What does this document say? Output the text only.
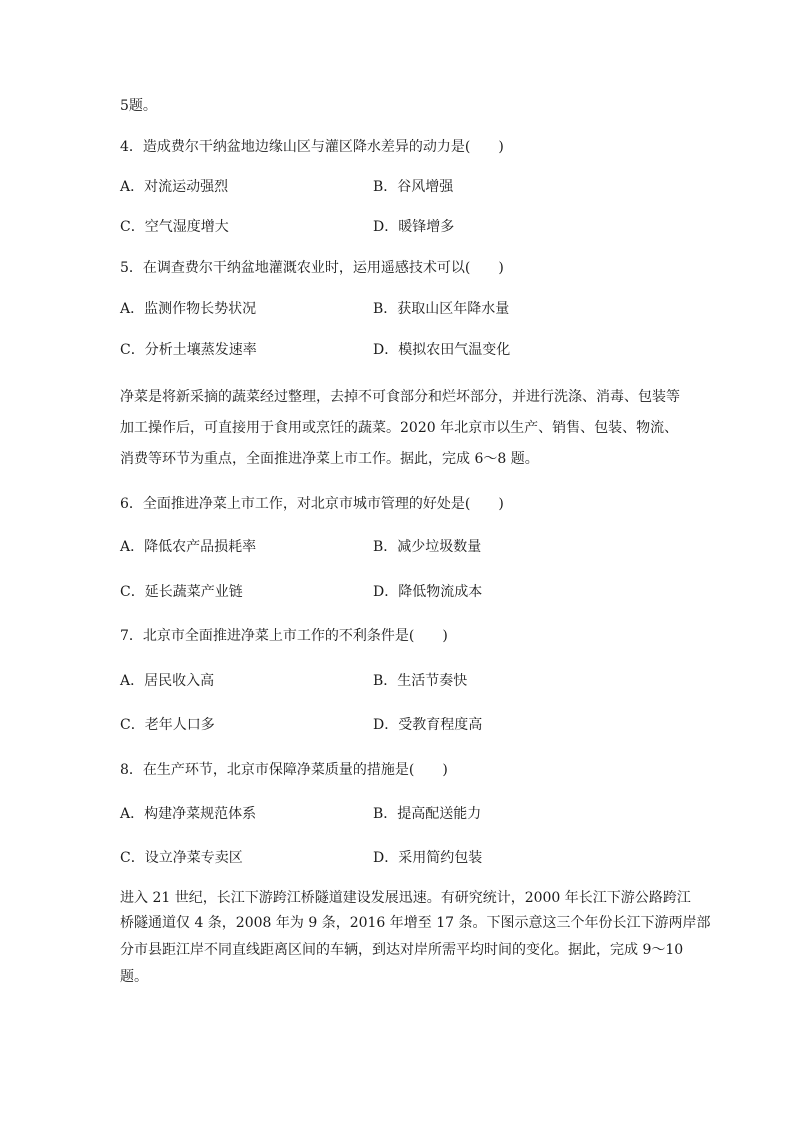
5题。
4．造成费尔干纳盆地边缘山区与灌区降水差异的动力是(　　)
A．对流运动强烈	B．谷风增强
C．空气湿度增大	D．暖锋增多
5．在调查费尔干纳盆地灌溉农业时，运用遥感技术可以(　　)
A．监测作物长势状况	B．获取山区年降水量
C．分析土壤蒸发速率	D．模拟农田气温变化
净菜是将新采摘的蔬菜经过整理，去掉不可食部分和烂坏部分，并进行洗涤、消毒、包装等
加工操作后，可直接用于食用或烹饪的蔬菜。2020 年北京市以生产、销售、包装、物流、
消费等环节为重点，全面推进净菜上市工作。据此，完成 6～8 题。
6．全面推进净菜上市工作，对北京市城市管理的好处是(　　)
A．降低农产品损耗率	B．减少垃圾数量
C．延长蔬菜产业链	D．降低物流成本
7．北京市全面推进净菜上市工作的不利条件是(　　)
A．居民收入高	B．生活节奏快
C．老年人口多	D．受教育程度高
8．在生产环节，北京市保障净菜质量的措施是(　　)
A．构建净菜规范体系	B．提高配送能力
C．设立净菜专卖区	D．采用简约包装
进入 21 世纪，长江下游跨江桥隧道建设发展迅速。有研究统计，2000 年长江下游公路跨江
桥隧通道仅 4 条，2008 年为 9 条，2016 年增至 17 条。下图示意这三个年份长江下游两岸部
分市县距江岸不同直线距离区间的车辆，到达对岸所需平均时间的变化。据此，完成 9～10
题。
